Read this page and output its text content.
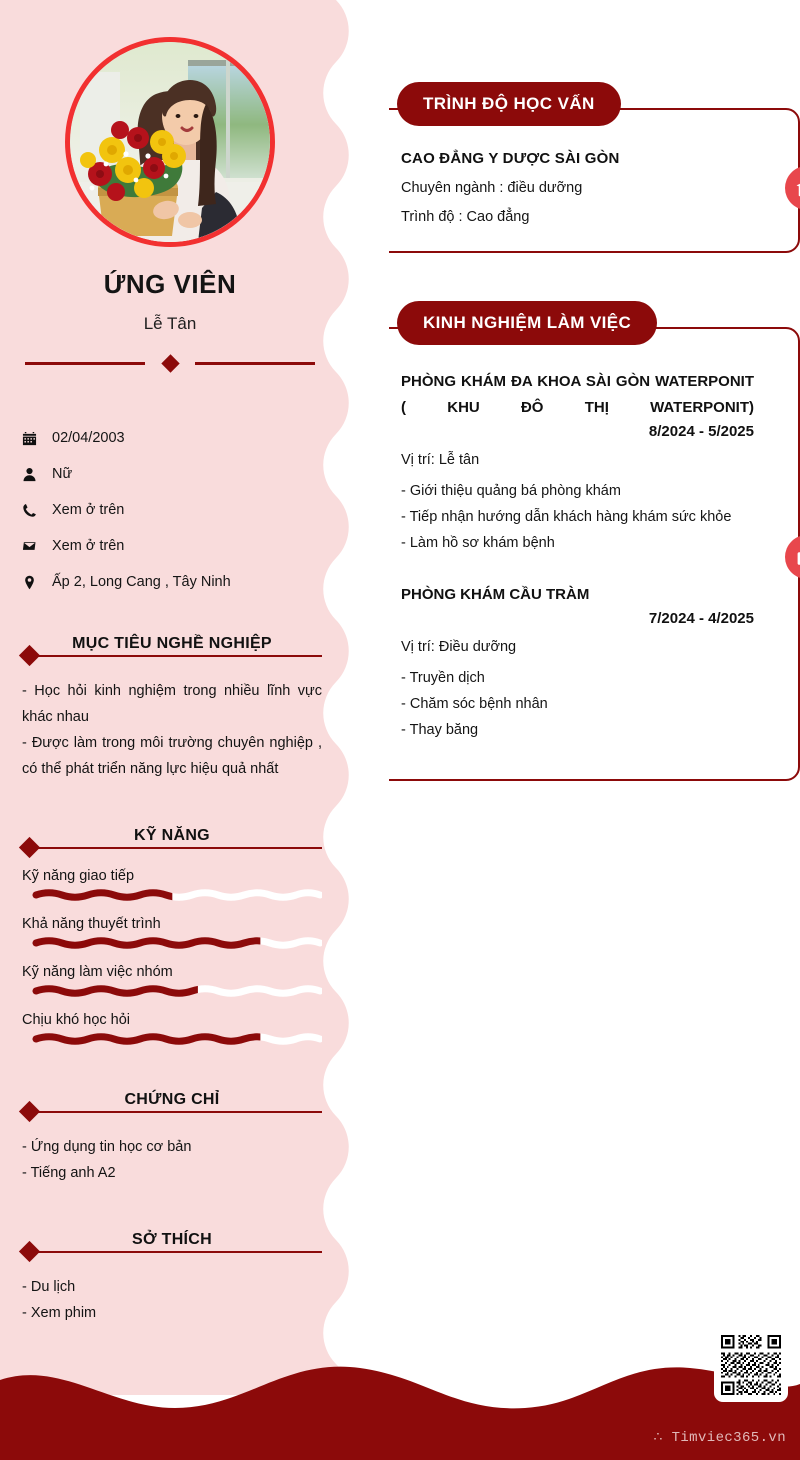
ỨNG VIÊN
Lễ Tân
02/04/2003
Nữ
Xem ở trên
Xem ở trên
Ấp 2, Long Cang , Tây Ninh
MỤC TIÊU NGHỀ NGHIỆP

- Học hỏi kinh nghiệm trong nhiều lĩnh vực khác nhau

- Được làm trong môi trường chuyên nghiệp , có thể phát triển năng lực hiệu quả nhất

KỸ NĂNG
Kỹ năng giao tiếp
Khả năng thuyết trình
Kỹ năng làm việc nhóm
Chịu khó học hỏi
CHỨNG CHỈ

- Ứng dụng tin học cơ bản

- Tiếng anh A2

SỞ THÍCH

- Du lịch

- Xem phim

TRÌNH ĐỘ HỌC VẤN
CAO ĐẲNG Y DƯỢC SÀI GÒN
Chuyên ngành : điều dưỡng
Trình độ : Cao đẳng
KINH NGHIỆM LÀM VIỆC
PHÒNG KHÁM ĐA KHOA SÀI GÒN WATERPONIT ( KHU ĐÔ THỊ WATERPONIT)
8/2024 - 5/2025
Vị trí: Lễ tân

- Giới thiệu quảng bá phòng khám

- Tiếp nhận hướng dẫn khách hàng khám sức khỏe

- Làm hồ sơ khám bệnh

PHÒNG KHÁM CẦU TRÀM
7/2024 - 4/2025
Vị trí: Điều dưỡng

- Truyền dịch

- Chăm sóc bệnh nhân

- Thay băng

∴ Timviec365.vn
